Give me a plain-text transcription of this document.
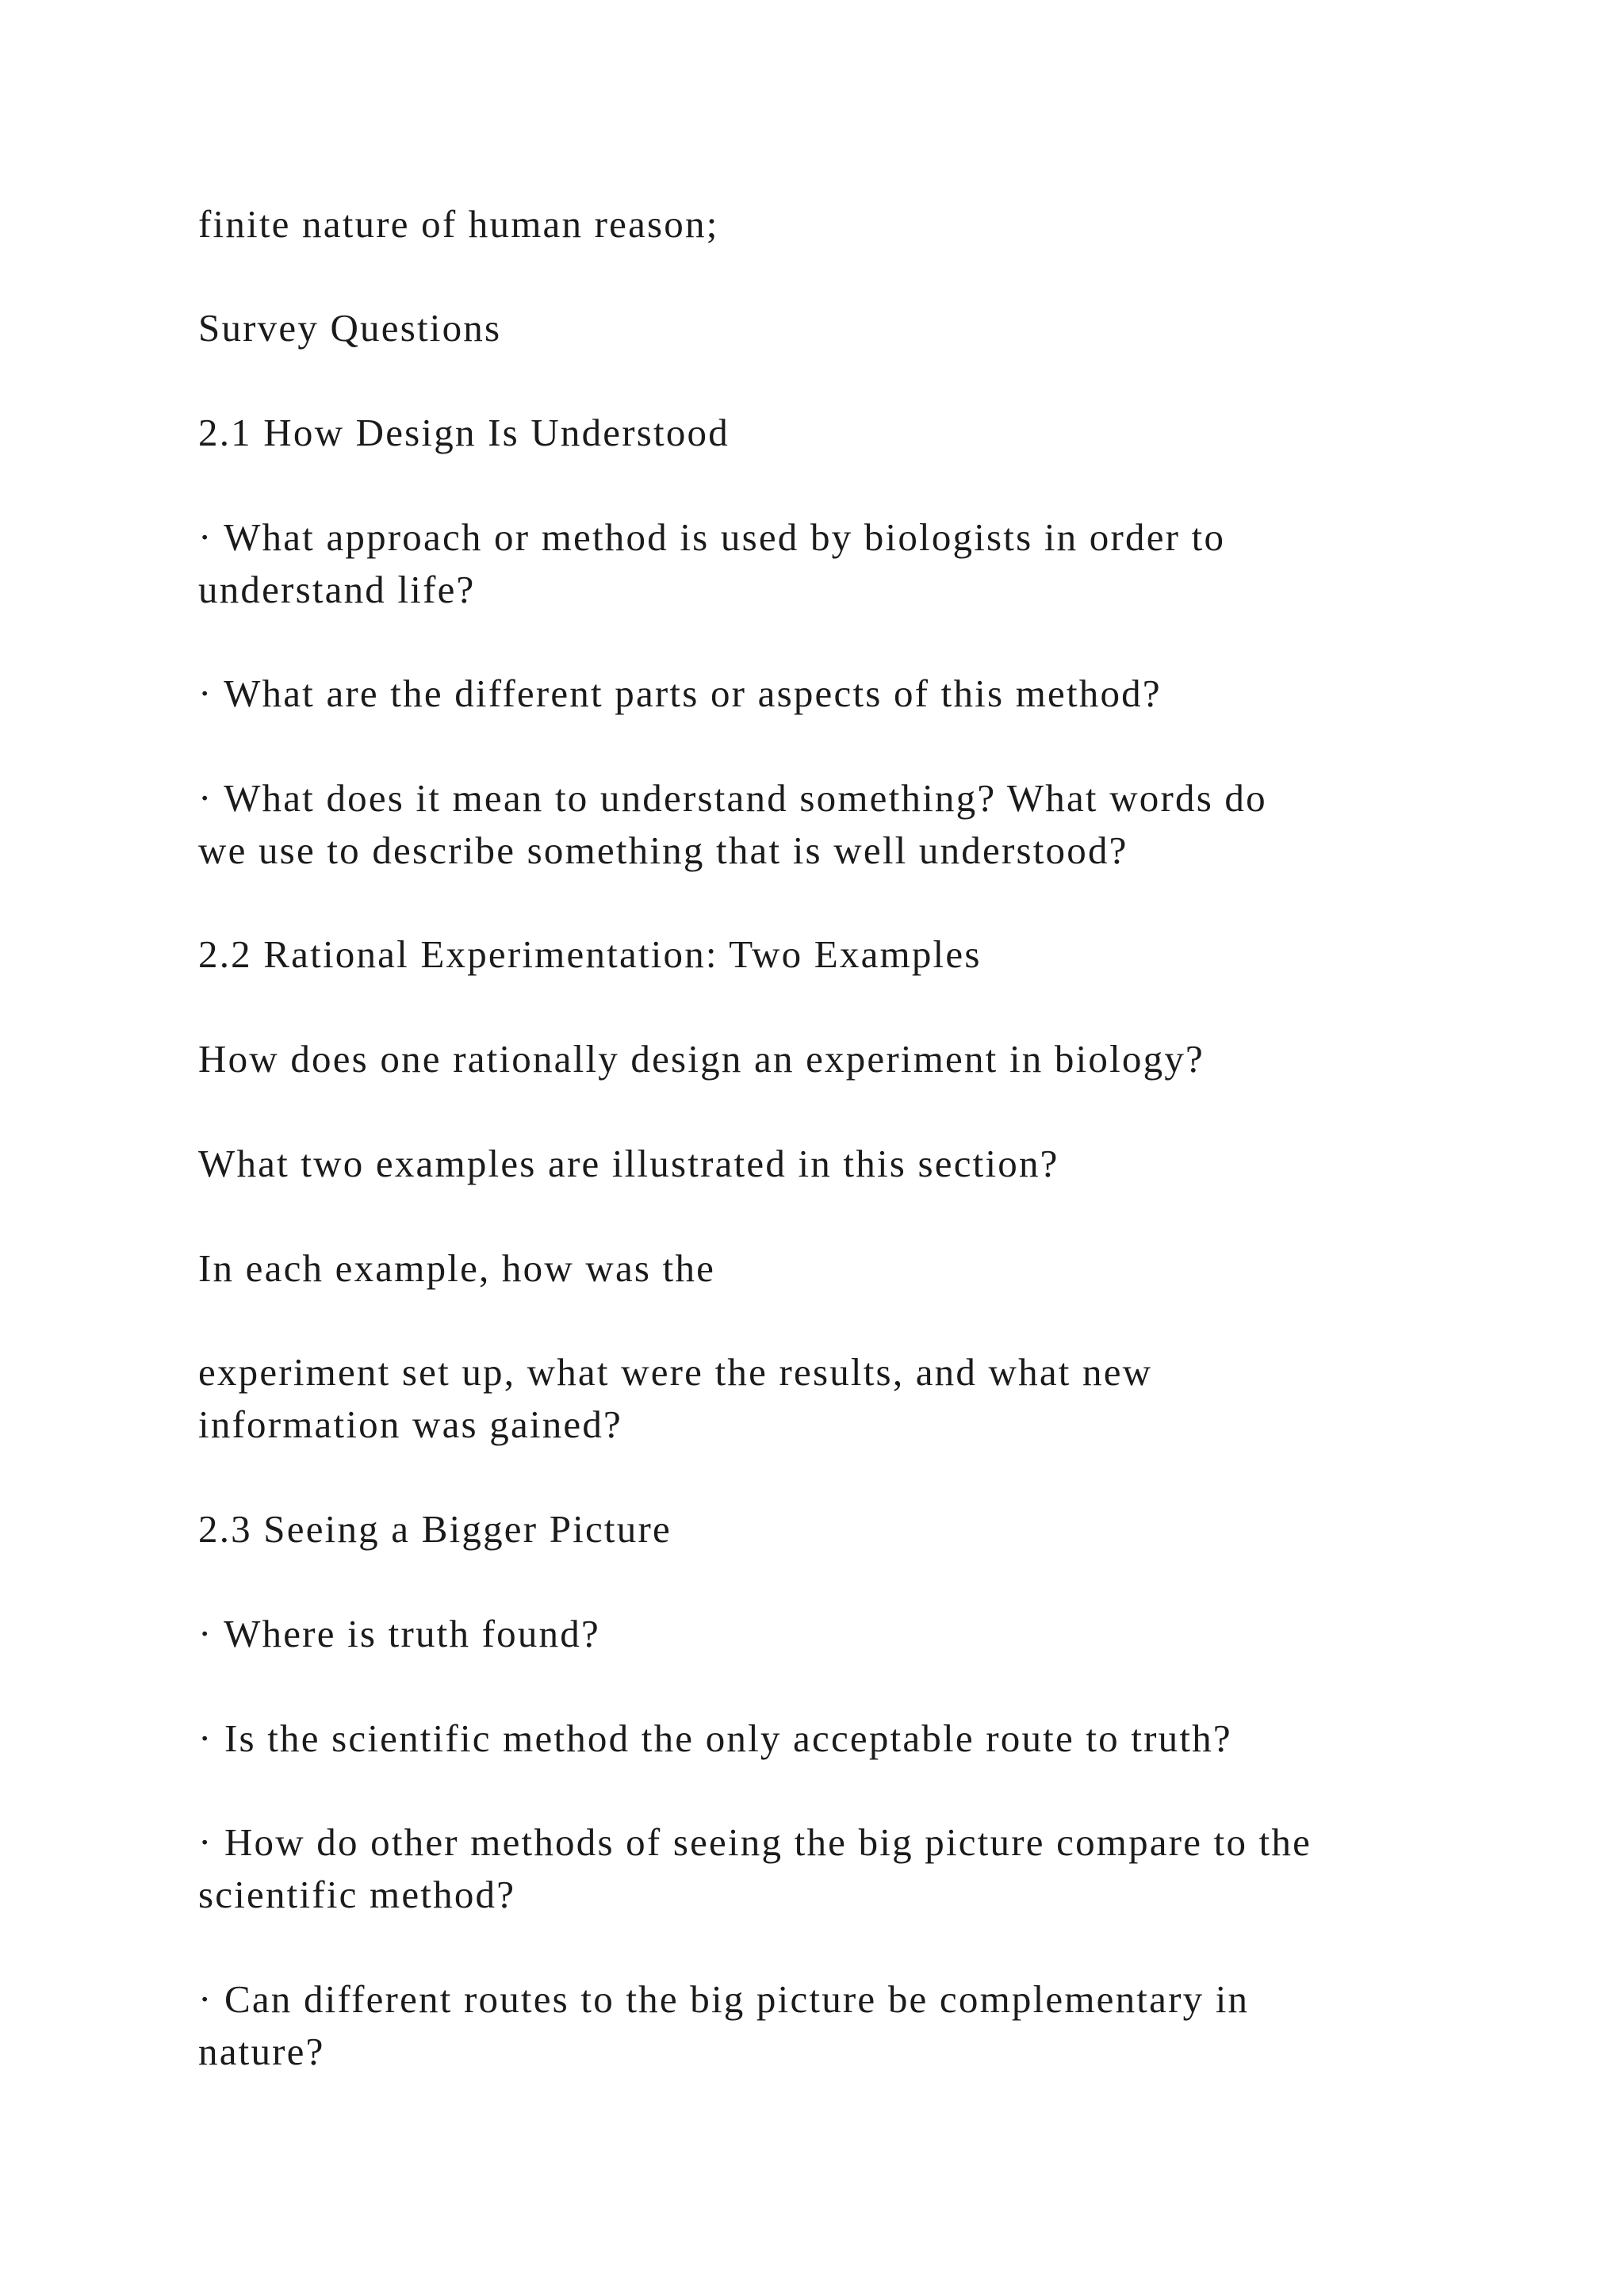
finite nature of human reason;

Survey Questions

2.1 How Design Is Understood

· What approach or method is used by biologists in order to
understand life?

· What are the different parts or aspects of this method?

· What does it mean to understand something? What words do
we use to describe something that is well understood?

2.2 Rational Experimentation: Two Examples

How does one rationally design an experiment in biology?

What two examples are illustrated in this section?

In each example, how was the

experiment set up, what were the results, and what new
information was gained?

2.3 Seeing a Bigger Picture

· Where is truth found?

· Is the scientific method the only acceptable route to truth?

· How do other methods of seeing the big picture compare to the
scientific method?

· Can different routes to the big picture be complementary in
nature?
